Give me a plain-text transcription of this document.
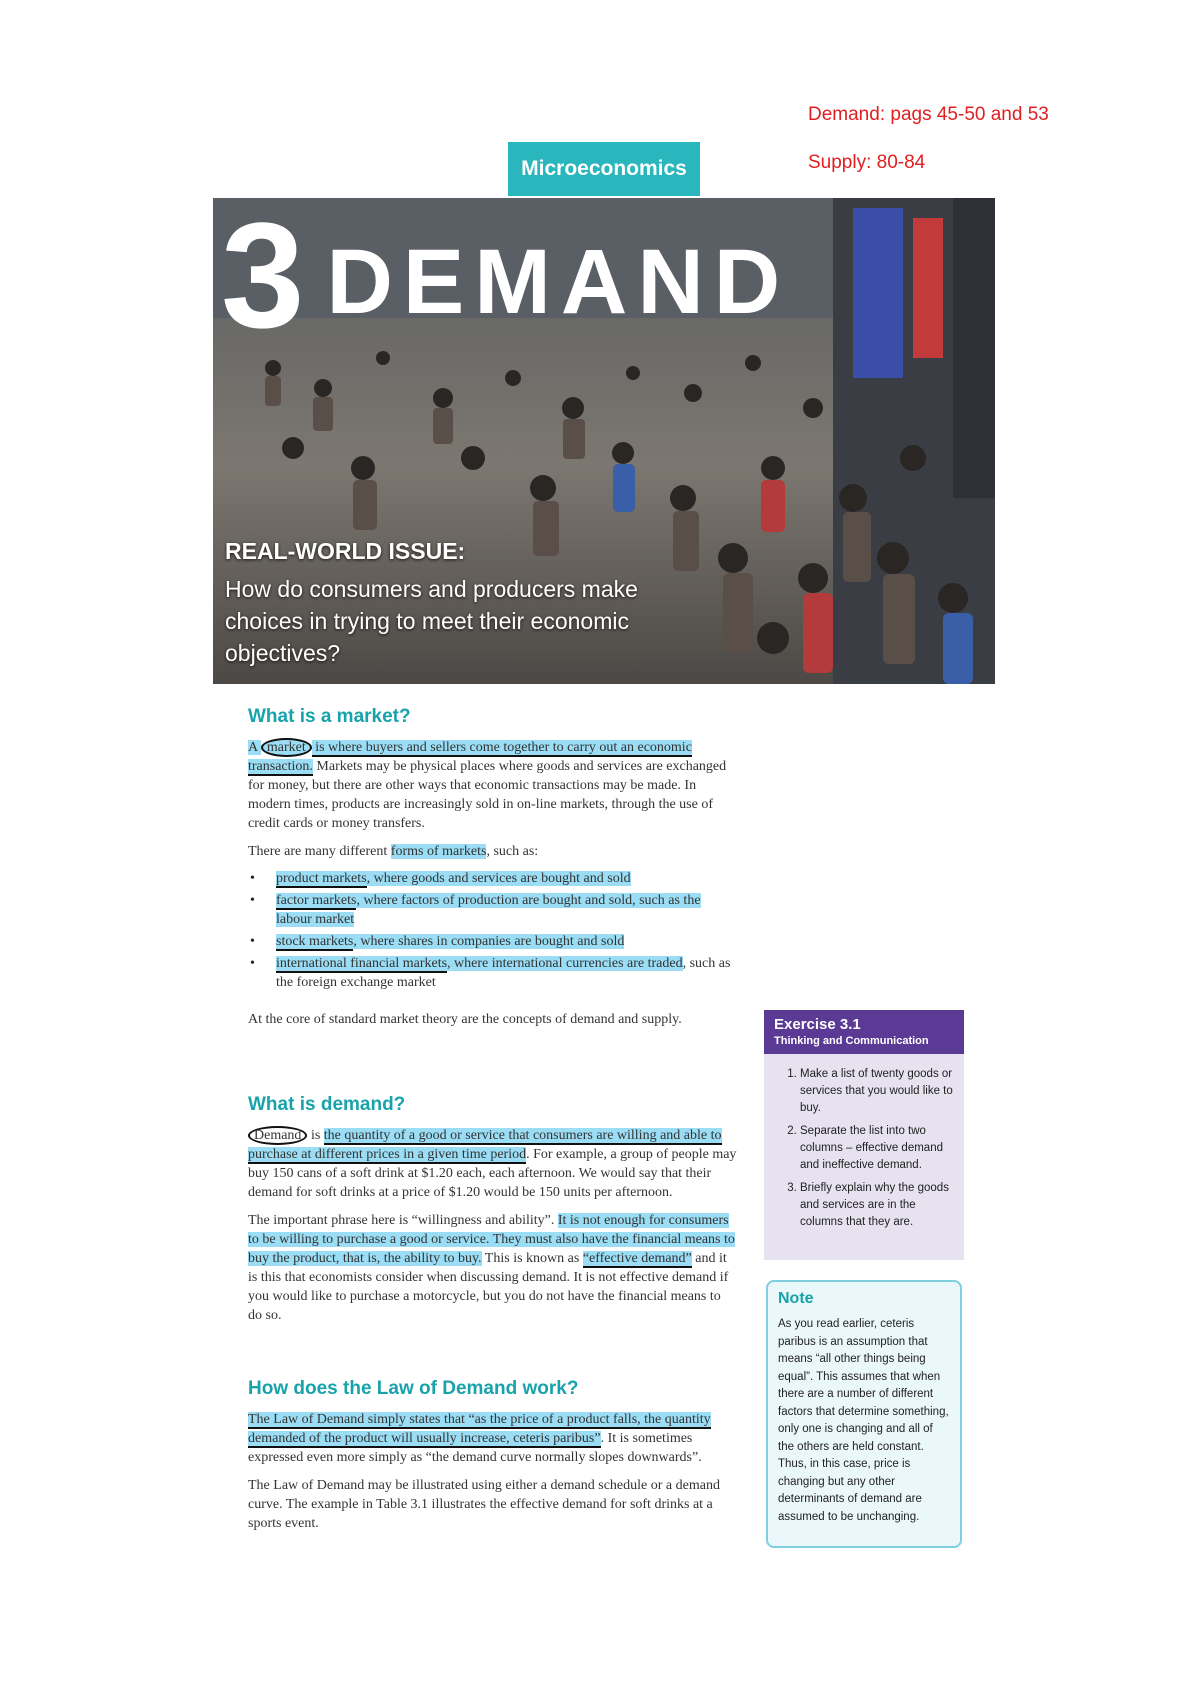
Demand: pags 45-50 and 53
Supply: 80-84
Microeconomics
3 DEMAND
REAL-WORLD ISSUE:
How do consumers and producers make choices in trying to meet their economic objectives?
What is a market?

A market is where buyers and sellers come together to carry out an economic transaction. Markets may be physical places where goods and services are exchanged for money, but there are other ways that economic transactions may be made. In modern times, products are increasingly sold in on-line markets, through the use of credit cards or money transfers.

There are many different forms of markets, such as:

• product markets, where goods and services are bought and sold
• factor markets, where factors of production are bought and sold, such as the labour market
• stock markets, where shares in companies are bought and sold
• international financial markets, where international currencies are traded, such as the foreign exchange market

At the core of standard market theory are the concepts of demand and supply.

What is demand?

Demand is the quantity of a good or service that consumers are willing and able to purchase at different prices in a given time period. For example, a group of people may buy 150 cans of a soft drink at $1.20 each, each afternoon. We would say that their demand for soft drinks at a price of $1.20 would be 150 units per afternoon.

The important phrase here is “willingness and ability”. It is not enough for consumers to be willing to purchase a good or service. They must also have the financial means to buy the product, that is, the ability to buy. This is known as “effective demand” and it is this that economists consider when discussing demand. It is not effective demand if you would like to purchase a motorcycle, but you do not have the financial means to do so.

How does the Law of Demand work?

The Law of Demand simply states that “as the price of a product falls, the quantity demanded of the product will usually increase, ceteris paribus”. It is sometimes expressed even more simply as “the demand curve normally slopes downwards”.

The Law of Demand may be illustrated using either a demand schedule or a demand curve. The example in Table 3.1 illustrates the effective demand for soft drinks at a sports event.

Exercise 3.1
Thinking and Communication
1. Make a list of twenty goods or services that you would like to buy.
2. Separate the list into two columns – effective demand and ineffective demand.
3. Briefly explain why the goods and services are in the columns that they are.
Note
As you read earlier, ceteris paribus is an assumption that means “all other things being equal”. This assumes that when there are a number of different factors that determine something, only one is changing and all of the others are held constant. Thus, in this case, price is changing but any other determinants of demand are assumed to be unchanging.
